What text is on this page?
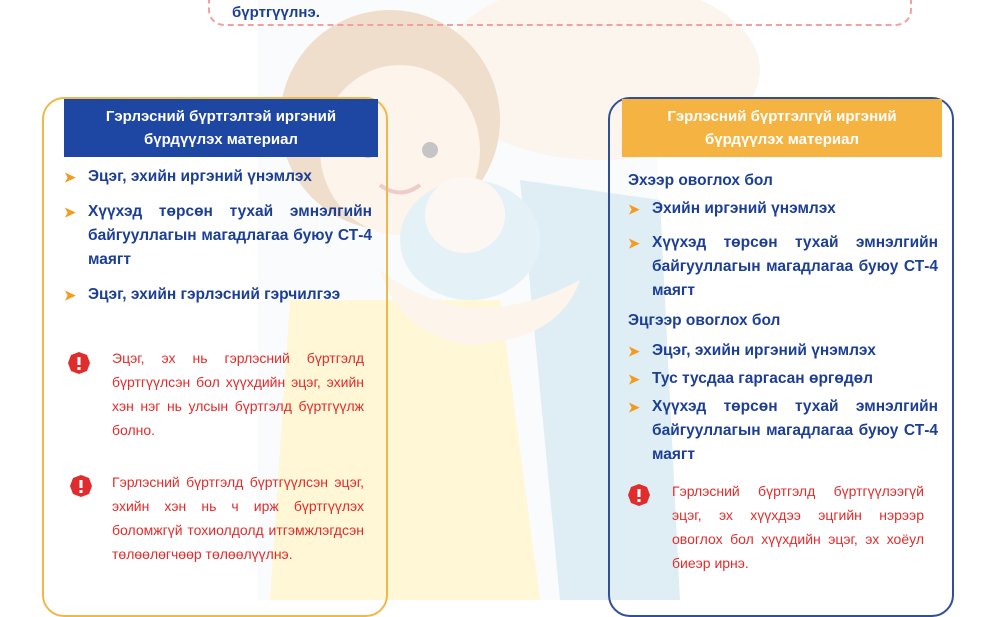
бүртгүүлнэ.
Гэрлэсний бүртгэлтэй иргэний бүрдүүлэх материал
➤ Эцэг, эхийн иргэний үнэмлэх
➤ Хүүхэд төрсөн тухай эмнэлгийн байгууллагын магадлагаа буюу СТ-4 маягт
➤ Эцэг, эхийн гэрлэсний гэрчилгээ
Эцэг, эх нь гэрлэсний бүртгэлд бүртгүүлсэн бол хүүхдийн эцэг, эхийн хэн нэг нь улсын бүртгэлд бүртгүүлж болно.
Гэрлэсний бүртгэлд бүртгүүлсэн эцэг, эхийн хэн нь ч ирж бүртгүүлэх боломжгүй тохиолдолд итгэмжлэгдсэн төлөөлөгчөөр төлөөлүүлнэ.
Гэрлэсний бүртгэлгүй иргэний бүрдүүлэх материал
Эхээр овоглох бол
➤ Эхийн иргэний үнэмлэх
➤ Хүүхэд төрсөн тухай эмнэлгийн байгууллагын магадлагаа буюу СТ-4 маягт
Эцгээр овоглох бол
➤ Эцэг, эхийн иргэний үнэмлэх
➤ Тус тусдаа гаргасан өргөдөл
➤ Хүүхэд төрсөн тухай эмнэлгийн байгууллагын магадлагаа буюу СТ-4 маягт
Гэрлэсний бүртгэлд бүртгүүлээгүй эцэг, эх хүүхдээ эцгийн нэрээр овоглох бол хүүхдийн эцэг, эх хоёул биеэр ирнэ.
